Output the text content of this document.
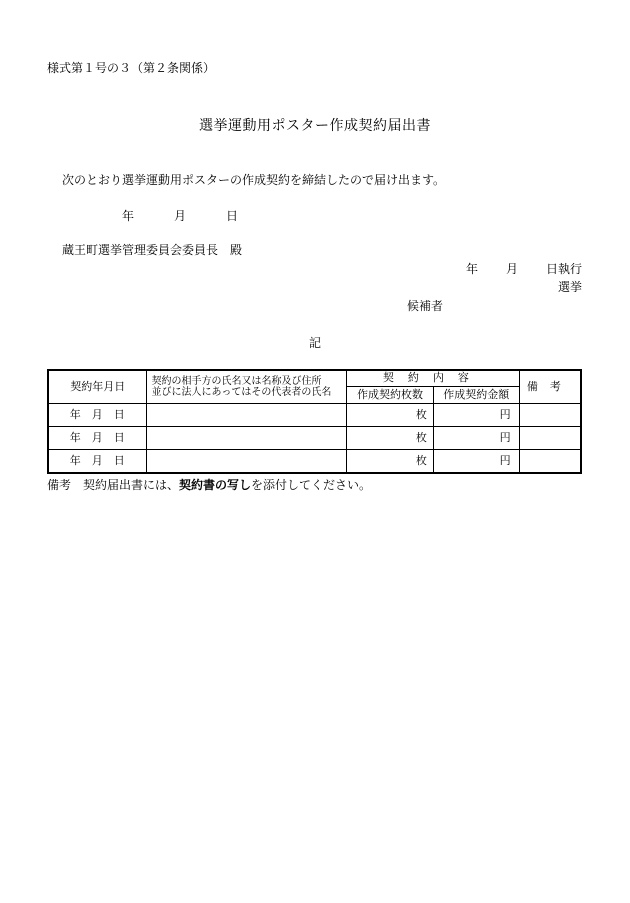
様式第１号の３（第２条関係）
選挙運動用ポスター作成契約届出書
次のとおり選挙運動用ポスターの作成契約を締結したので届け出ます。
年	月	日
蔵王町選挙管理委員会委員長　殿
年 月 日執行
選挙
候補者
記
契約年月日	契約の相手方の氏名又は名称及び住所
並びに法人にあってはその代表者の氏名	契約内容		備考
		作成契約枚数	作成契約金額	
年 月 日		枚	円	
年 月 日		枚	円	
年 月 日		枚	円	
備考 契約届出書には、契約書の写しを添付してください。
